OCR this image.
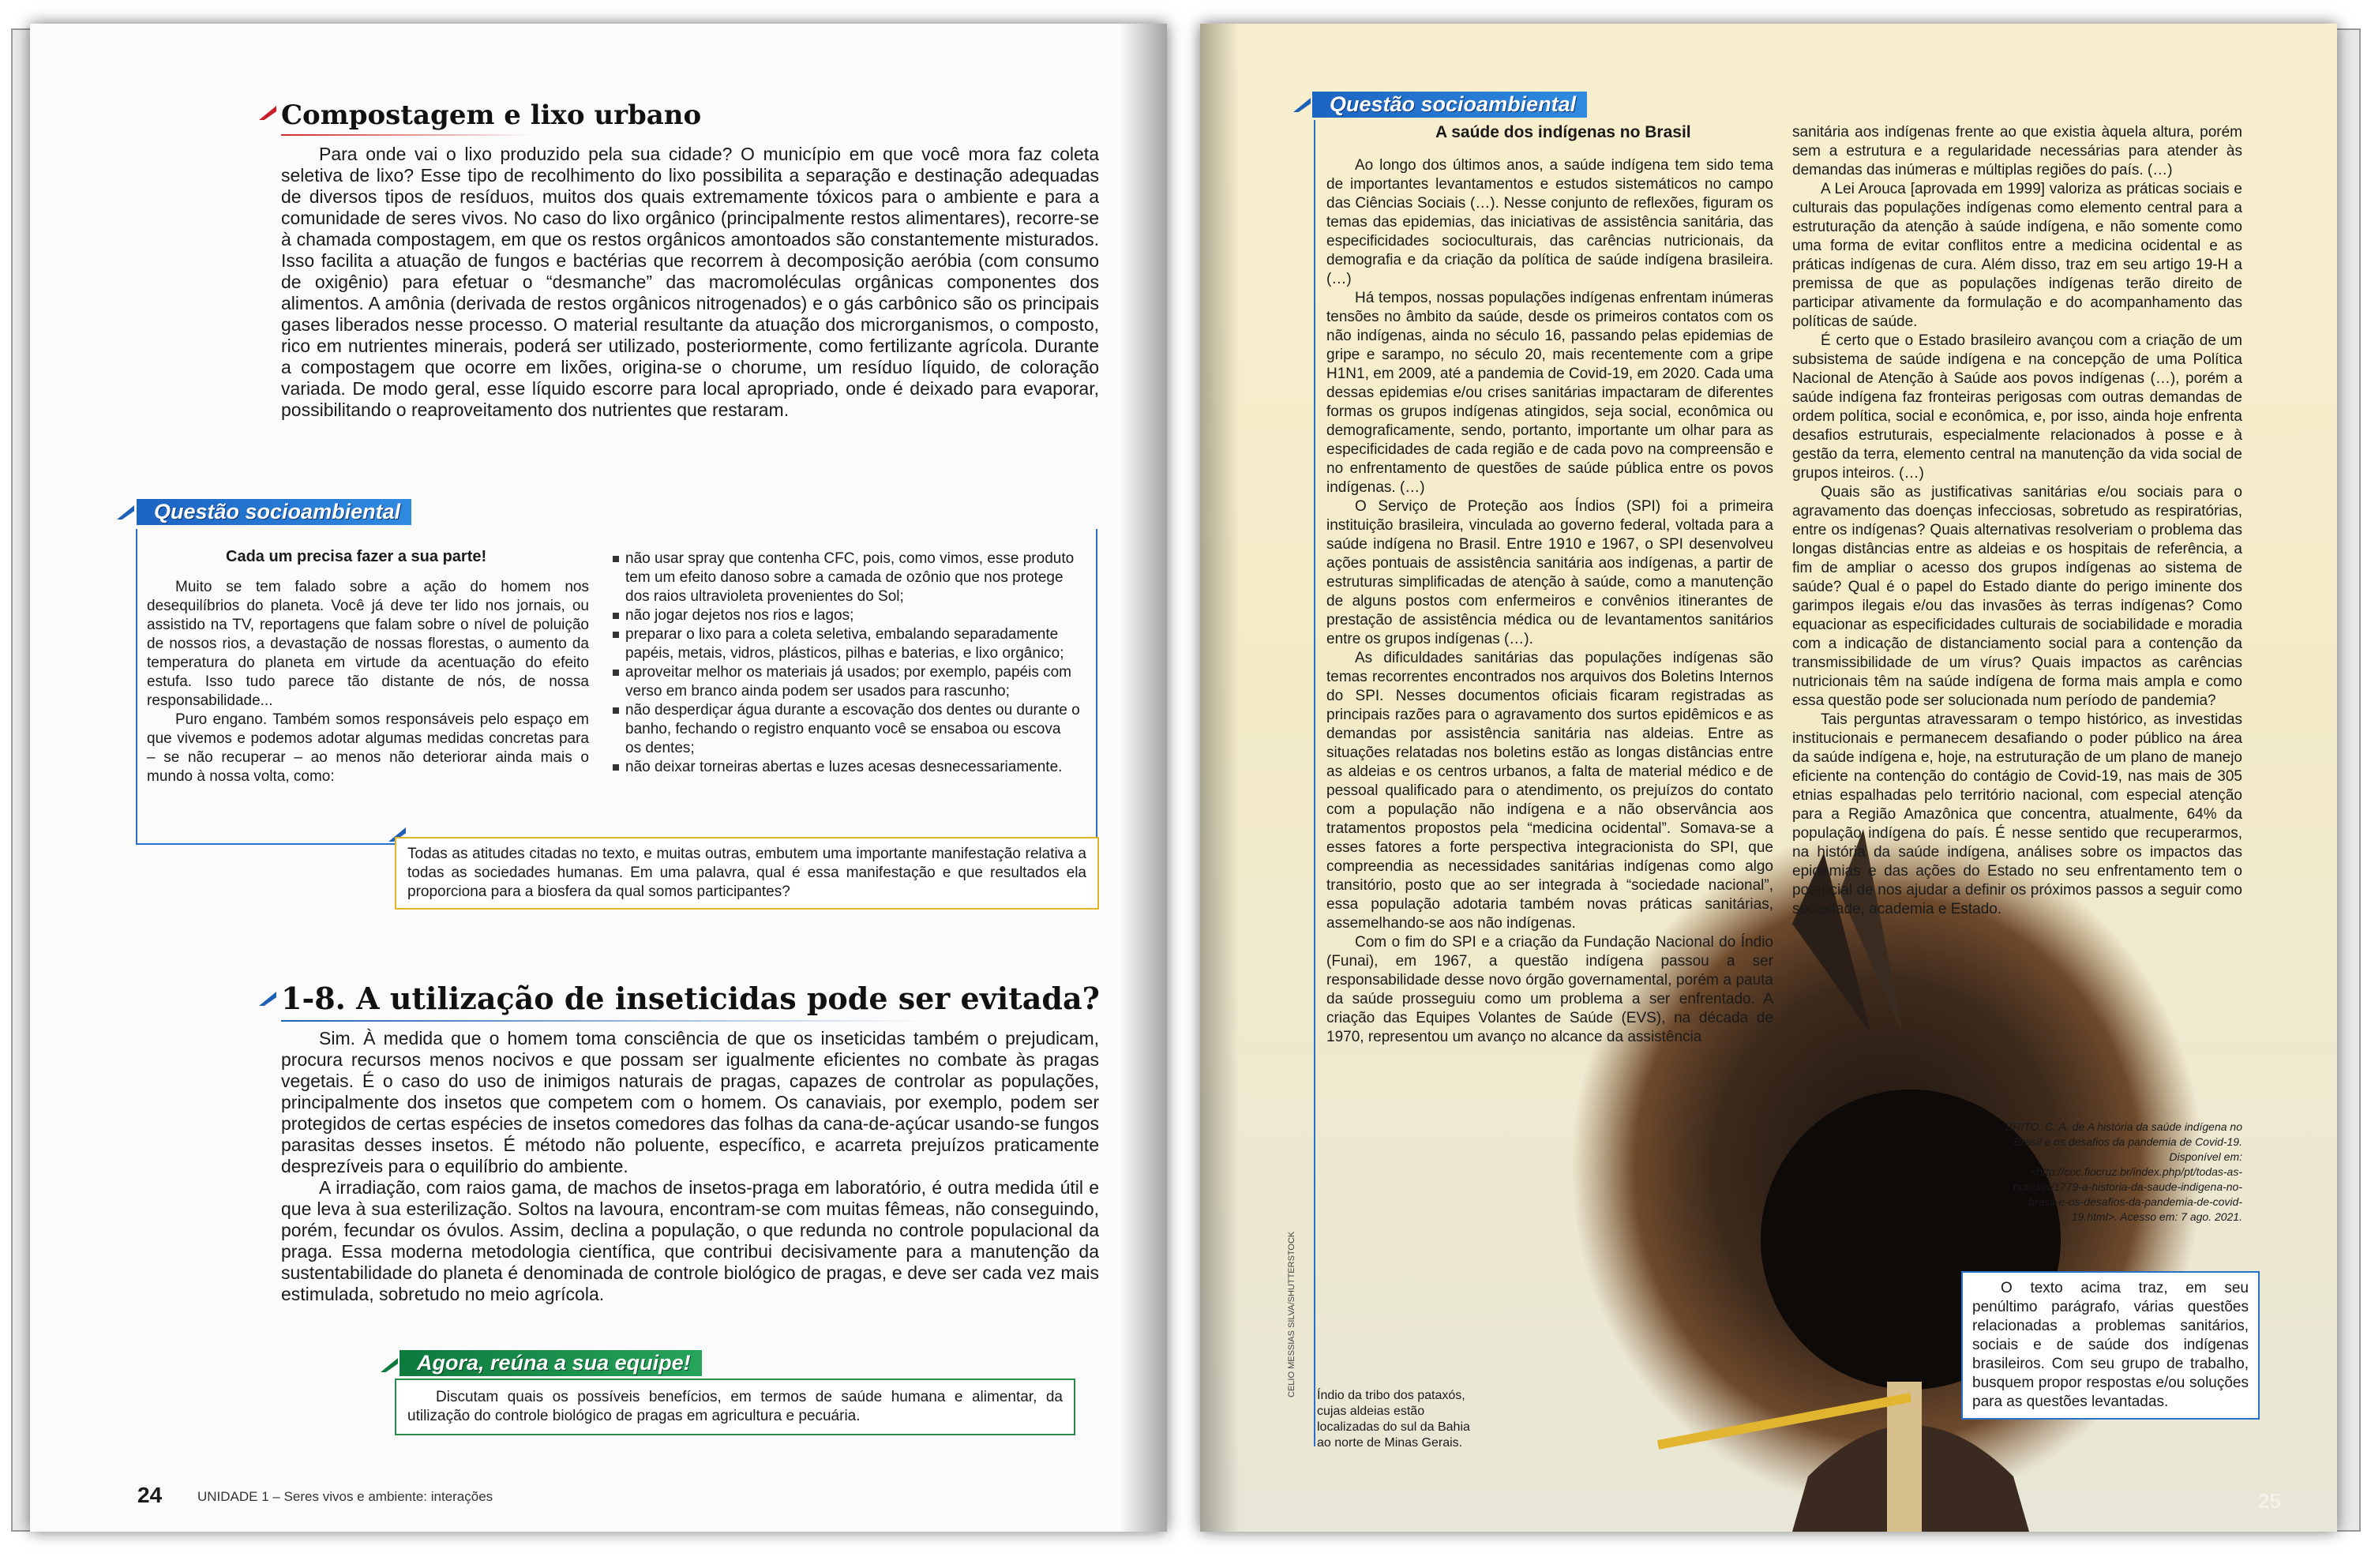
Compostagem e lixo urbano

Para onde vai o lixo produzido pela sua cidade? O município em que você mora faz coleta seletiva de lixo? Esse tipo de recolhimento do lixo possibilita a separação e destinação adequadas de diversos tipos de resíduos, muitos dos quais extremamente tóxicos para o ambiente e para a comunidade de seres vivos. No caso do lixo orgânico (principalmente restos alimentares), recorre-se à chamada compostagem, em que os restos orgânicos amontoados são constantemente misturados. Isso facilita a atuação de fungos e bactérias que recorrem à decomposição aeróbia (com consumo de oxigênio) para efetuar o “desmanche” das macromoléculas orgânicas componentes dos alimentos. A amônia (derivada de restos orgânicos nitrogenados) e o gás carbônico são os principais gases liberados nesse processo. O material resultante da atuação dos microrganismos, o composto, rico em nutrientes minerais, poderá ser utilizado, posteriormente, como fertilizante agrícola. Durante a compostagem que ocorre em lixões, origina-se o chorume, um resíduo líquido, de coloração variada. De modo geral, esse líquido escorre para local apropriado, onde é deixado para evaporar, possibilitando o reaproveitamento dos nutrientes que restaram.

Questão socioambiental
Cada um precisa fazer a sua parte!

Muito se tem falado sobre a ação do homem nos desequilíbrios do planeta. Você já deve ter lido nos jornais, ou assistido na TV, reportagens que falam sobre o nível de poluição de nossos rios, a devastação de nossas florestas, o aumento da temperatura do planeta em virtude da acentuação do efeito estufa. Isso tudo parece tão distante de nós, de nossa responsabilidade...

Puro engano. Também somos responsáveis pelo espaço em que vivemos e podemos adotar algumas medidas concretas para – se não recuperar – ao menos não deteriorar ainda mais o mundo à nossa volta, como:

não usar spray que contenha CFC, pois, como vimos, esse produto tem um efeito danoso sobre a camada de ozônio que nos protege dos raios ultravioleta provenientes do Sol;
não jogar dejetos nos rios e lagos;
preparar o lixo para a coleta seletiva, embalando separadamente papéis, metais, vidros, plásticos, pilhas e baterias, e lixo orgânico;
aproveitar melhor os materiais já usados; por exemplo, papéis com verso em branco ainda podem ser usados para rascunho;
não desperdiçar água durante a escovação dos dentes ou durante o banho, fechando o registro enquanto você se ensaboa ou escova os dentes;
não deixar torneiras abertas e luzes acesas desnecessariamente.

Todas as atitudes citadas no texto, e muitas outras, embutem uma importante manifestação relativa a todas as sociedades humanas. Em uma palavra, qual é essa manifestação e que resultados ela proporciona para a biosfera da qual somos participantes?

1-8. A utilização de inseticidas pode ser evitada?

Sim. À medida que o homem toma consciência de que os inseticidas também o prejudicam, procura recursos menos nocivos e que possam ser igualmente eficientes no combate às pragas vegetais. É o caso do uso de inimigos naturais de pragas, capazes de controlar as populações, principalmente dos insetos que competem com o homem. Os canaviais, por exemplo, podem ser protegidos de certas espécies de insetos comedores das folhas da cana-de-açúcar usando-se fungos parasitas desses insetos. É método não poluente, específico, e acarreta prejuízos praticamente desprezíveis para o equilíbrio do ambiente.

A irradiação, com raios gama, de machos de insetos-praga em laboratório, é outra medida útil e que leva à sua esterilização. Soltos na lavoura, encontram-se com muitas fêmeas, não conseguindo, porém, fecundar os óvulos. Assim, declina a população, o que redunda no controle populacional da praga. Essa moderna metodologia científica, que contribui decisivamente para a manutenção da sustentabilidade do planeta é denominada de controle biológico de pragas, e deve ser cada vez mais estimulada, sobretudo no meio agrícola.

Agora, reúna a sua equipe!

Discutam quais os possíveis benefícios, em termos de saúde humana e alimentar, da utilização do controle biológico de pragas em agricultura e pecuária.

24	UNIDADE 1 – Seres vivos e ambiente: interações
Questão socioambiental
A saúde dos indígenas no Brasil

Ao longo dos últimos anos, a saúde indígena tem sido tema de importantes levantamentos e estudos sistemáticos no campo das Ciências Sociais (…). Nesse conjunto de reflexões, figuram os temas das epidemias, das iniciativas de assistência sanitária, das especificidades socioculturais, das carências nutricionais, da demografia e da criação da política de saúde indígena brasileira. (…)

Há tempos, nossas populações indígenas enfrentam inúmeras tensões no âmbito da saúde, desde os primeiros contatos com os não indígenas, ainda no século 16, passando pelas epidemias de gripe e sarampo, no século 20, mais recentemente com a gripe H1N1, em 2009, até a pandemia de Covid-19, em 2020. Cada uma dessas epidemias e/ou crises sanitárias impactaram de diferentes formas os grupos indígenas atingidos, seja social, econômica ou demograficamente, sendo, portanto, importante um olhar para as especificidades de cada região e de cada povo na compreensão e no enfrentamento de questões de saúde pública entre os povos indígenas. (…)

O Serviço de Proteção aos Índios (SPI) foi a primeira instituição brasileira, vinculada ao governo federal, voltada para a saúde indígena no Brasil. Entre 1910 e 1967, o SPI desenvolveu ações pontuais de assistência sanitária aos indígenas, a partir de estruturas simplificadas de atenção à saúde, como a manutenção de alguns postos com enfermeiros e convênios itinerantes de prestação de assistência médica ou de levantamentos sanitários entre os grupos indígenas (…).

As dificuldades sanitárias das populações indígenas são temas recorrentes encontrados nos arquivos dos Boletins Internos do SPI. Nesses documentos oficiais ficaram registradas as principais razões para o agravamento dos surtos epidêmicos e as demandas por assistência sanitária nas aldeias. Entre as situações relatadas nos boletins estão as longas distâncias entre as aldeias e os centros urbanos, a falta de material médico e de pessoal qualificado para o atendimento, os prejuízos do contato com a população não indígena e a não observância aos tratamentos propostos pela “medicina ocidental”. Somava-se a esses fatores a forte perspectiva integracionista do SPI, que compreendia as necessidades sanitárias indígenas como algo transitório, posto que ao ser integrada à “sociedade nacional”, essa população adotaria também novas práticas sanitárias, assemelhando-se aos não indígenas.

Com o fim do SPI e a criação da Fundação Nacional do Índio (Funai), em 1967, a questão indígena passou a ser responsabilidade desse novo órgão governamental, porém a pauta da saúde prosseguiu como um problema a ser enfrentado. A criação das Equipes Volantes de Saúde (EVS), na década de 1970, representou um avanço no alcance da assistência

sanitária aos indígenas frente ao que existia àquela altura, porém sem a estrutura e a regularidade necessárias para atender às demandas das inúmeras e múltiplas regiões do país. (…)

A Lei Arouca [aprovada em 1999] valoriza as práticas sociais e culturais das populações indígenas como elemento central para a estruturação da atenção à saúde indígena, e não somente como uma forma de evitar conflitos entre a medicina ocidental e as práticas indígenas de cura. Além disso, traz em seu artigo 19-H a premissa de que as populações indígenas terão direito de participar ativamente da formulação e do acompanhamento das políticas de saúde.

É certo que o Estado brasileiro avançou com a criação de um subsistema de saúde indígena e na concepção de uma Política Nacional de Atenção à Saúde aos povos indígenas (…), porém a saúde indígena faz fronteiras perigosas com outras demandas de ordem política, social e econômica, e, por isso, ainda hoje enfrenta desafios estruturais, especialmente relacionados à posse e à gestão da terra, elemento central na manutenção da vida social de grupos inteiros. (…)

Quais são as justificativas sanitárias e/ou sociais para o agravamento das doenças infecciosas, sobretudo as respiratórias, entre os indígenas? Quais alternativas resolveriam o problema das longas distâncias entre as aldeias e os hospitais de referência, a fim de ampliar o acesso dos grupos indígenas ao sistema de saúde? Qual é o papel do Estado diante do perigo iminente dos garimpos ilegais e/ou das invasões às terras indígenas? Como equacionar as especificidades culturais de sociabilidade e moradia com a indicação de distanciamento social para a contenção da transmissibilidade de um vírus? Quais impactos as carências nutricionais têm na saúde indígena de forma mais ampla e como essa questão pode ser solucionada num período de pandemia?

Tais perguntas atravessaram o tempo histórico, as investidas institucionais e permanecem desafiando o poder público na área da saúde indígena e, hoje, na estruturação de um plano de manejo eficiente na contenção do contágio de Covid-19, nas mais de 305 etnias espalhadas pelo território nacional, com especial atenção para a Região Amazônica que concentra, atualmente, 64% da população indígena do país. É nesse sentido que recuperarmos, na história da saúde indígena, análises sobre os impactos das epidemias e das ações do Estado no seu enfrentamento tem o potencial de nos ajudar a definir os próximos passos a seguir como sociedade, academia e Estado.

BRITO, C. A. de A história da saúde indígena no Brasil e os desafios da pandemia de Covid-19. Disponível em: <http://coc.fiocruz.br/index.php/pt/todas-as-noticias/1779-a-historia-da-saude-indigena-no-brasil-e-os-desafios-da-pandemia-de-covid-19.html>. Acesso em: 7 ago. 2021.

O texto acima traz, em seu penúltimo parágrafo, várias questões relacionadas a problemas sanitários, sociais e de saúde dos indígenas brasileiros. Com seu grupo de trabalho, busquem propor respostas e/ou soluções para as questões levantadas.

Índio da tribo dos pataxós, cujas aldeias estão localizadas do sul da Bahia ao norte de Minas Gerais.
CELIO MESSIAS SILVA/SHUTTERSTOCK
25
